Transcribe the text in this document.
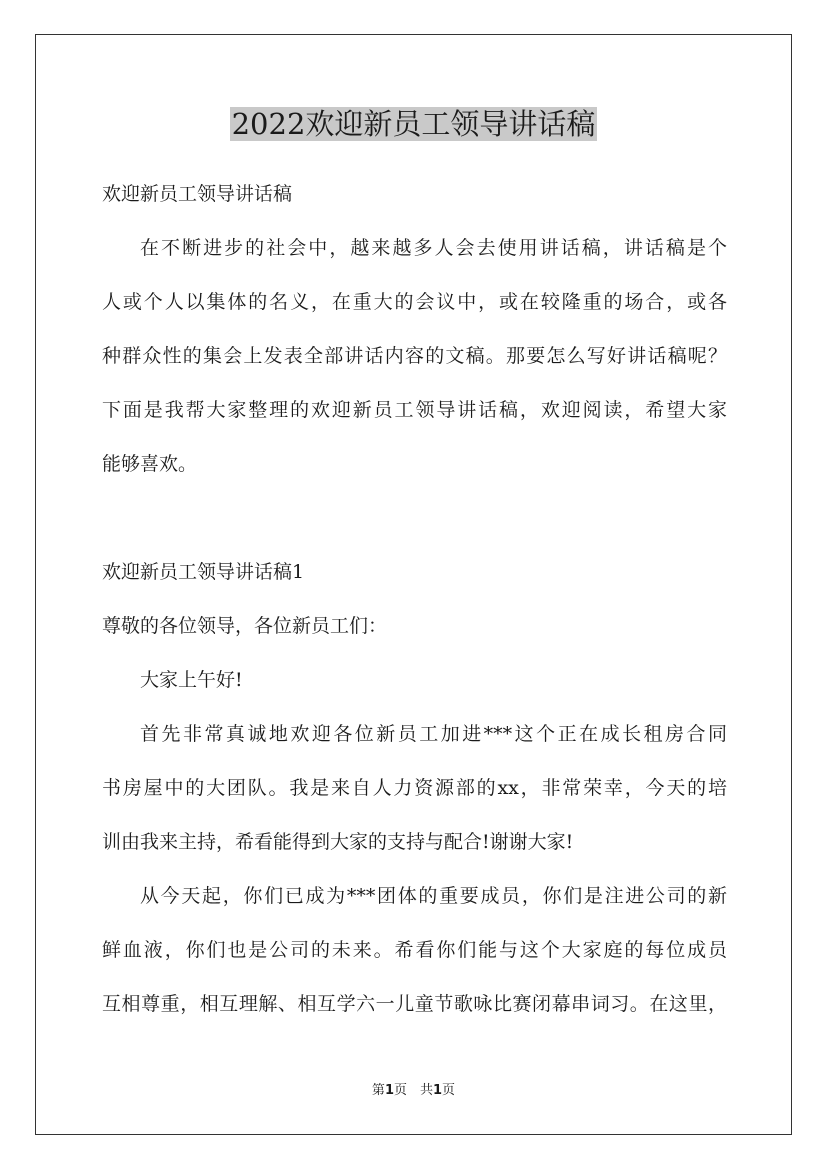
2022欢迎新员工领导讲话稿
欢迎新员工领导讲话稿
在不断进步的社会中，越来越多人会去使用讲话稿，讲话稿是个
人或个人以集体的名义，在重大的会议中，或在较隆重的场合，或各
种群众性的集会上发表全部讲话内容的文稿。那要怎么写好讲话稿呢？
下面是我帮大家整理的欢迎新员工领导讲话稿，欢迎阅读，希望大家
能够喜欢。
欢迎新员工领导讲话稿1
尊敬的各位领导，各位新员工们：
大家上午好!
首先非常真诚地欢迎各位新员工加进***这个正在成长租房合同
书房屋中的大团队。我是来自人力资源部的xx，非常荣幸，今天的培
训由我来主持，希看能得到大家的支持与配合!谢谢大家!
从今天起，你们已成为***团体的重要成员，你们是注进公司的新
鲜血液，你们也是公司的未来。希看你们能与这个大家庭的每位成员
互相尊重，相互理解、相互学六一儿童节歌咏比赛闭幕串词习。在这里，
第1页　共1页
